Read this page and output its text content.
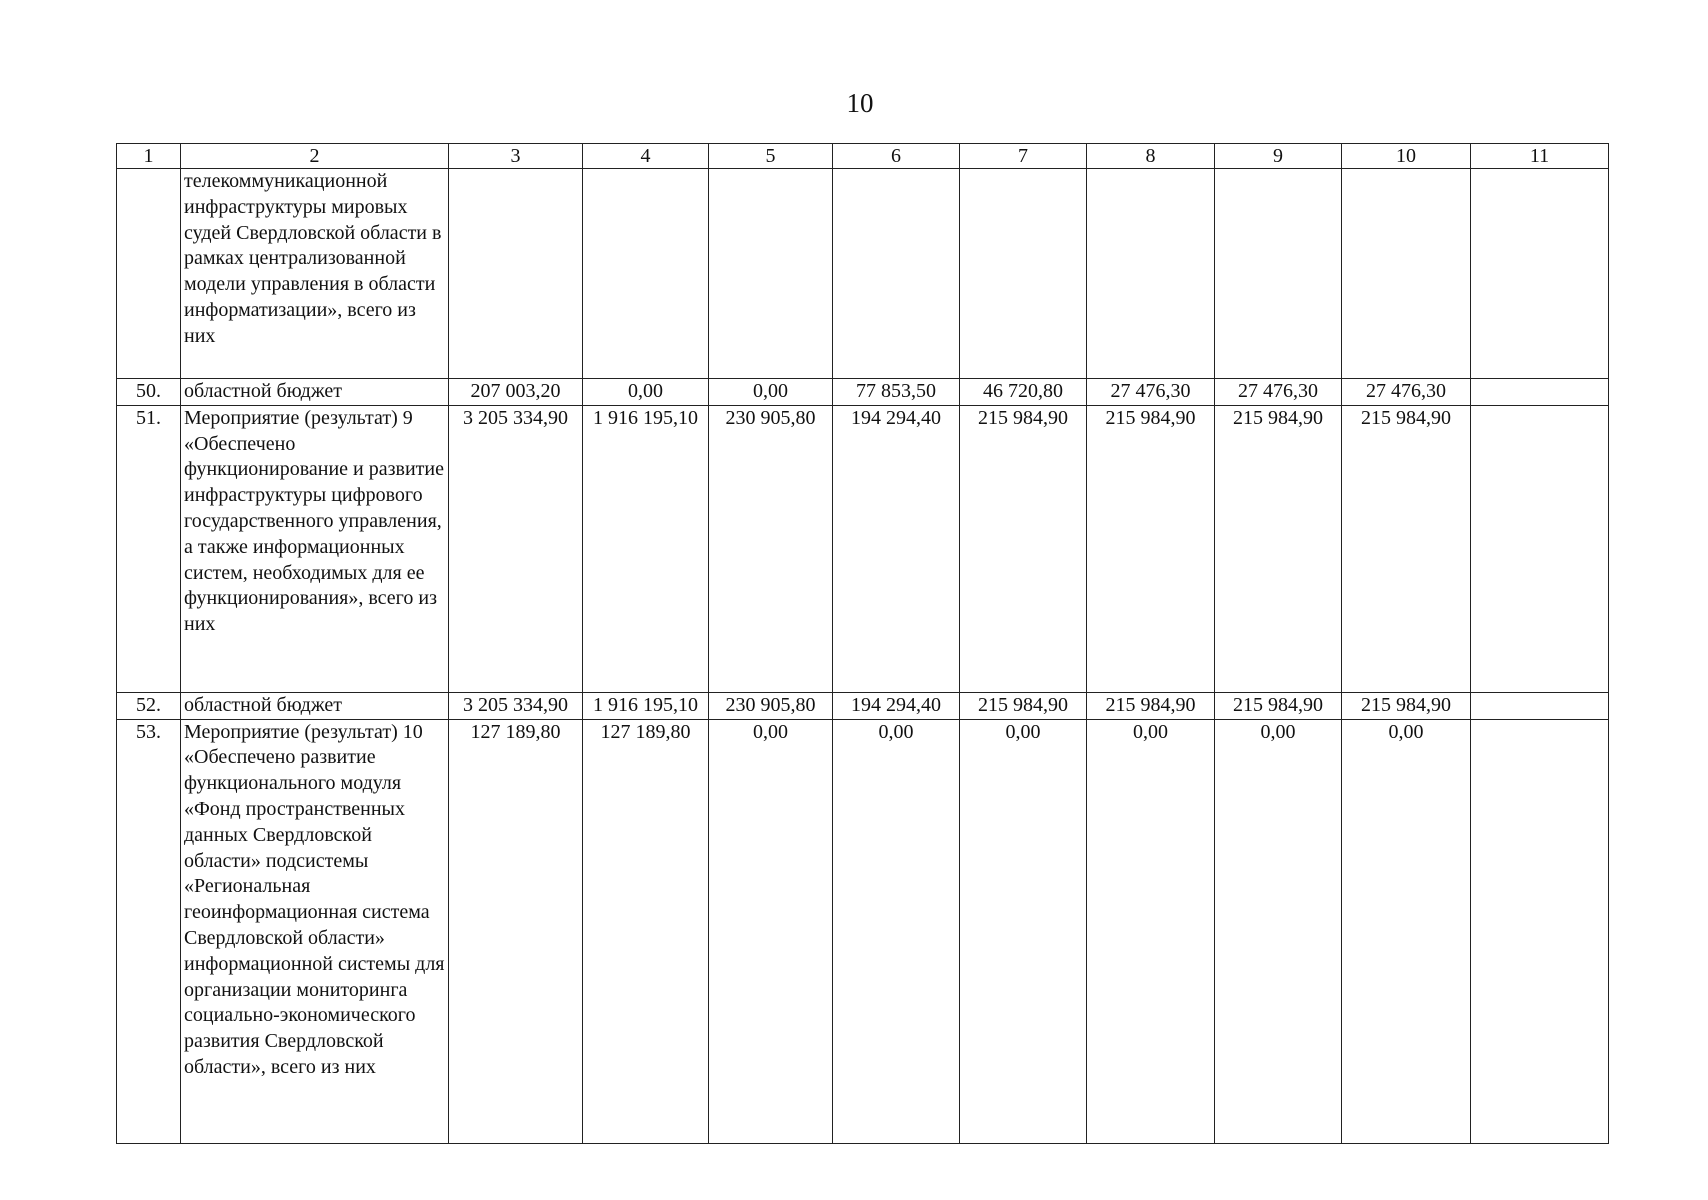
10
1	2	3	4	5	6	7	8	9	10	11
	телекоммуникационной инфраструктуры мировых судей Свердловской области в рамках централизованной модели управления в области информатизации», всего из них									
50.	областной бюджет	207 003,20	0,00	0,00	77 853,50	46 720,80	27 476,30	27 476,30	27 476,30	
51.	Мероприятие (результат) 9 «Обеспечено функционирование и развитие инфраструктуры цифрового государственного управления, а также информационных систем, необходимых для ее функционирования», всего из них	3 205 334,90	1 916 195,10	230 905,80	194 294,40	215 984,90	215 984,90	215 984,90	215 984,90	
52.	областной бюджет	3 205 334,90	1 916 195,10	230 905,80	194 294,40	215 984,90	215 984,90	215 984,90	215 984,90	
53.	Мероприятие (результат) 10 «Обеспечено развитие функционального модуля «Фонд пространственных данных Свердловской области» подсистемы «Региональная геоинформационная система Свердловской области» информационной системы для организации мониторинга социально-экономического развития Свердловской области», всего из них	127 189,80	127 189,80	0,00	0,00	0,00	0,00	0,00	0,00	
